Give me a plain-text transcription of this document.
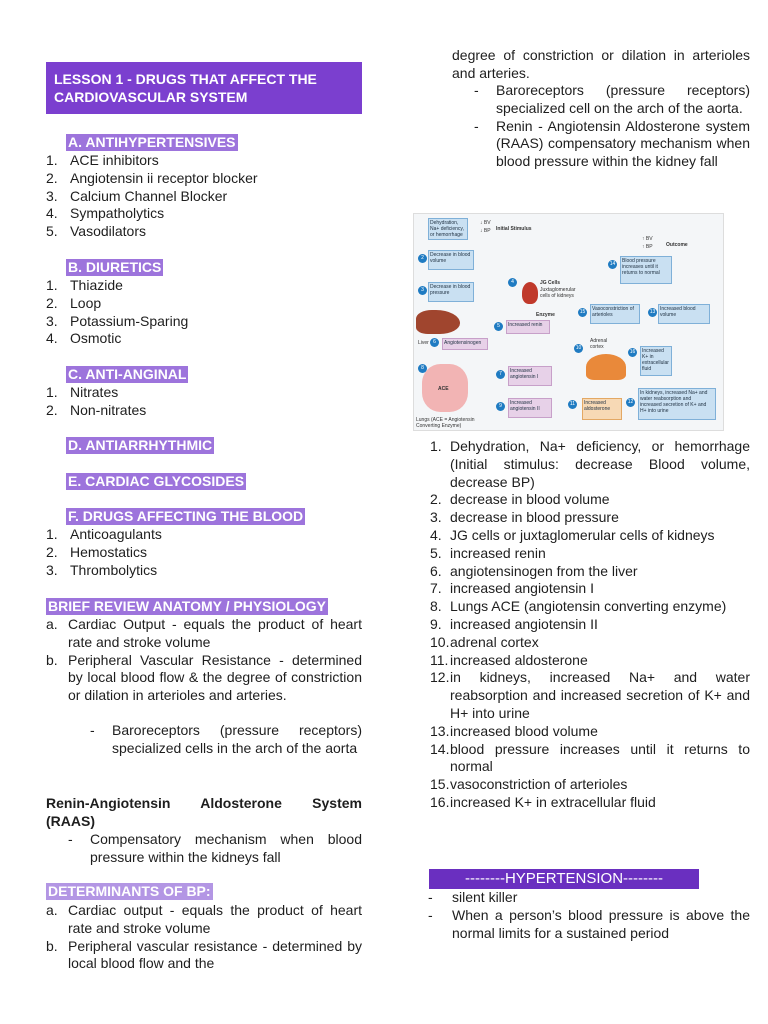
LESSON 1 - DRUGS THAT AFFECT THE CARDIOVASCULAR SYSTEM
A. ANTIHYPERTENSIVES
1. ACE inhibitors
2. Angiotensin ii receptor blocker
3. Calcium Channel Blocker
4. Sympatholytics
5. Vasodilators
B. DIURETICS
1. Thiazide
2. Loop
3. Potassium-Sparing
4. Osmotic
C. ANTI-ANGINAL
1. Nitrates
2. Non-nitrates
D. ANTIARRHYTHMIC
E. CARDIAC GLYCOSIDES
F. DRUGS AFFECTING THE BLOOD
1. Anticoagulants
2. Hemostatics
3. Thrombolytics
BRIEF REVIEW ANATOMY / PHYSIOLOGY
a. Cardiac Output - equals the product of heart rate and stroke volume
b. Peripheral Vascular Resistance - determined by local blood flow & the degree of constriction or dilation in arterioles and arteries.
- Baroreceptors (pressure receptors) specialized cells in the arch of the aorta
Renin-Angiotensin Aldosterone System (RAAS)
- Compensatory mechanism when blood pressure within the kidneys fall
DETERMINANTS OF BP:
a. Cardiac output - equals the product of heart rate and stroke volume
b. Peripheral vascular resistance - determined by local blood flow and the
degree of constriction or dilation in arterioles and arteries.
- Baroreceptors (pressure receptors) specialized cell on the arch of the aorta.
- Renin - Angiotensin Aldosterone system (RAAS) compensatory mechanism when blood pressure within the kidney fall
Dehydration, Na+ deficiency, or hemorrhage
↓ BV
↓ BP Initial Stimulus
↑ BV
↑ BP	Outcome
2	Decrease in blood volume
3	Decrease in blood pressure
4	JG Cells
Juxtaglomerular cells of kidneys
Enzyme
5	Increased renin
Liver 6	Angiotensinogen
7	Increased angiotensin I
9	Increased angiotensin II
8
ACE
Lungs (ACE = Angiotensin Converting Enzyme)
Adrenal cortex
10
11	Increased aldosterone
12
In kidneys, increased Na+ and water reabsorption and increased secretion of K+ and H+ into urine
13 Increased blood volume
14	Blood pressure increases until it returns to normal
15	Vasoconstriction of arterioles
16	Increased K+ in extracellular fluid
1. Dehydration, Na+ deficiency, or hemorrhage (Initial stimulus: decrease Blood volume, decrease BP)
2. decrease in blood volume
3. decrease in blood pressure
4. JG cells or juxtaglomerular cells of kidneys
5. increased renin
6. angiotensinogen from the liver
7. increased angiotensin I
8. Lungs ACE (angiotensin converting enzyme)
9. increased angiotensin II
10. adrenal cortex
11. increased aldosterone
12. in kidneys, increased Na+ and water reabsorption and increased secretion of K+ and H+ into urine
13. increased blood volume
14. blood pressure increases until it returns to normal
15. vasoconstriction of arterioles
16. increased K+ in extracellular fluid
--------HYPERTENSION--------
- silent killer
- When a person’s blood pressure is above the normal limits for a sustained period
